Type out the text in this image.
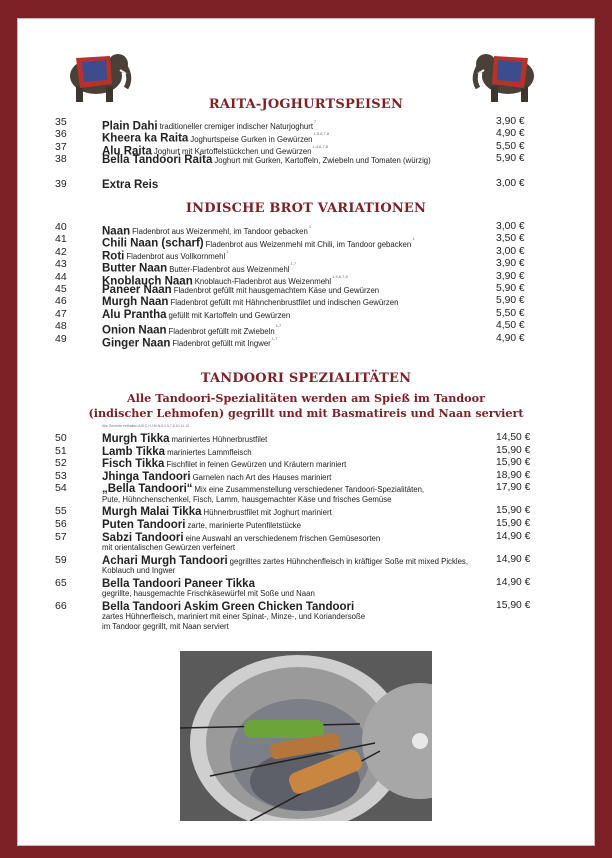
RAITA-JOGHURTSPEISEN
35	Plain Dahi traditioneller cremiger indischer Naturjoghurt$^7$	3,90 €
36	Kheera ka Raita Joghurtspeise Gurken in Gewürzen$^{1,5,6,7,8}$	4,90 €
37	Alu Raita Joghurt mit Kartoffelstückchen und Gewürzen$^{1,4,6,7,8}$	5,50 €
38	Bella Tandoori Raita Joghurt mit Gurken, Kartoffeln, Zwiebeln und Tomaten (würzig)	5,90 €
39	Extra Reis	3,00 €
INDISCHE BROT VARIATIONEN
40	Naan Fladenbrot aus Weizenmehl, im Tandoor gebacken$^1$	3,00 €
41	Chili Naan (scharf) Fladenbrot aus Weizenmehl mit Chili, im Tandoor gebacken$^1$	3,50 €
42	Roti Fladenbrot aus Vollkornmehl$^1$	3,00 €
43	Butter Naan Butter-Fladenbrot aus Weizenmehl$^{1,7}$	3,90 €
44	Knoblauch Naan Knoblauch-Fladenbrot aus Weizenmehl$^{1,5,6,7,8}$	3,90 €
45	Paneer Naan Fladenbrot gefüllt mit hausgemachtem Käse und Gewürzen	5,90 €
46	Murgh Naan Fladenbrot gefüllt mit Hähnchenbrustfilet und indischen Gewürzen	5,90 €
47	Alu Prantha gefüllt mit Kartoffeln und Gewürzen	5,50 €
48	Onion Naan Fladenbrot gefüllt mit Zwiebeln$^{1,7}$	4,50 €
49	Ginger Naan Fladenbrot gefüllt mit Ingwer$^{1,7}$	4,90 €
TANDOORI SPEZIALITÄTEN
Alle Tandoori-Spezialitäten werden am Spieß im Tandoor
(indischer Lehmofen) gegrillt und mit Basmatireis und Naan serviert
Alle Gerichte enthalten A,B,C,H,I,M,N,6,1,5,7,8,10,11,12
50	Murgh Tikka mariniertes Hühnerbrustfilet	14,50 €
51	Lamb Tikka mariniertes Lammfleisch	15,90 €
52	Fisch Tikka Fischfilet in feinen Gewürzen und Kräutern mariniert	15,90 €
53	Jhinga Tandoori Garnelen nach Art des Hauses mariniert	18,90 €
54	„Bella Tandoori“ Mix eine Zusammenstellung verschiedener Tandoori-Spezialitäten,	17,90 €
Pute, Hühnchenschenkel, Fisch, Lamm, hausgemachter Käse und frisches Gemüse
55	Murgh Malai Tikka Hühnerbrustfilet mit Joghurt mariniert	15,90 €
56	Puten Tandoori zarte, marinierte Putenfiletstücke	15,90 €
57	Sabzi Tandoori eine Auswahl an verschiedenem frischen Gemüsesorten	14,90 €
mit orientalischen Gewürzen verfeinert
59	Achari Murgh Tandoori gegrilltes zartes Hühnchenfleisch in kräftiger Soße mit mixed Pickles,	14,90 €
Koblauch und Ingwer
65	Bella Tandoori Paneer Tikka	14,90 €
gegrillte, hausgemachte Frischkäsewürfel mit Soße und Naan
66	Bella Tandoori Askim Green Chicken Tandoori	15,90 €
zartes Hühnerfleisch, mariniert mit einer Spinat-, Minze-, und Koriandersoße
im Tandoor gegrillt, mit Naan serviert
